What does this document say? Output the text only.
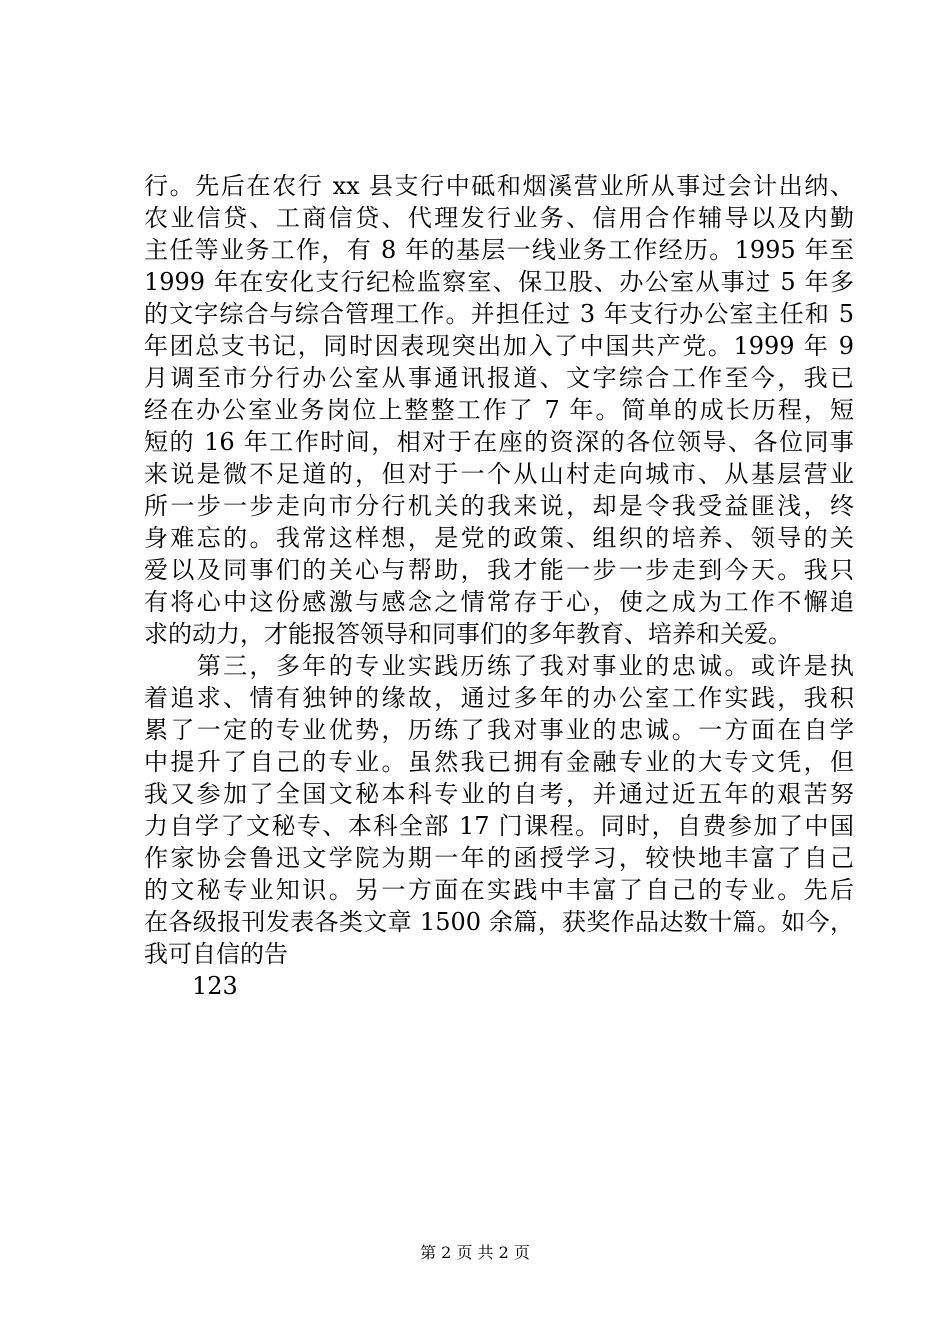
行。先后在农行 xx 县支行中砥和烟溪营业所从事过会计出纳、
农业信贷、工商信贷、代理发行业务、信用合作辅导以及内勤
主任等业务工作，有 8 年的基层一线业务工作经历。1995 年至
1999 年在安化支行纪检监察室、保卫股、办公室从事过 5 年多
的文字综合与综合管理工作。并担任过 3 年支行办公室主任和 5
年团总支书记，同时因表现突出加入了中国共产党。1999 年 9
月调至市分行办公室从事通讯报道、文字综合工作至今，我已
经在办公室业务岗位上整整工作了 7 年。简单的成长历程，短
短的 16 年工作时间，相对于在座的资深的各位领导、各位同事
来说是微不足道的，但对于一个从山村走向城市、从基层营业
所一步一步走向市分行机关的我来说，却是令我受益匪浅，终
身难忘的。我常这样想，是党的政策、组织的培养、领导的关
爱以及同事们的关心与帮助，我才能一步一步走到今天。我只
有将心中这份感激与感念之情常存于心，使之成为工作不懈追
求的动力，才能报答领导和同事们的多年教育、培养和关爱。
　　第三，多年的专业实践历练了我对事业的忠诚。或许是执
着追求、情有独钟的缘故，通过多年的办公室工作实践，我积
累了一定的专业优势，历练了我对事业的忠诚。一方面在自学
中提升了自己的专业。虽然我已拥有金融专业的大专文凭，但
我又参加了全国文秘本科专业的自考，并通过近五年的艰苦努
力自学了文秘专、本科全部 17 门课程。同时，自费参加了中国
作家协会鲁迅文学院为期一年的函授学习，较快地丰富了自己
的文秘专业知识。另一方面在实践中丰富了自己的专业。先后
在各级报刊发表各类文章 1500 余篇，获奖作品达数十篇。如今，
我可自信的告
　　123
第 2 页 共 2 页
